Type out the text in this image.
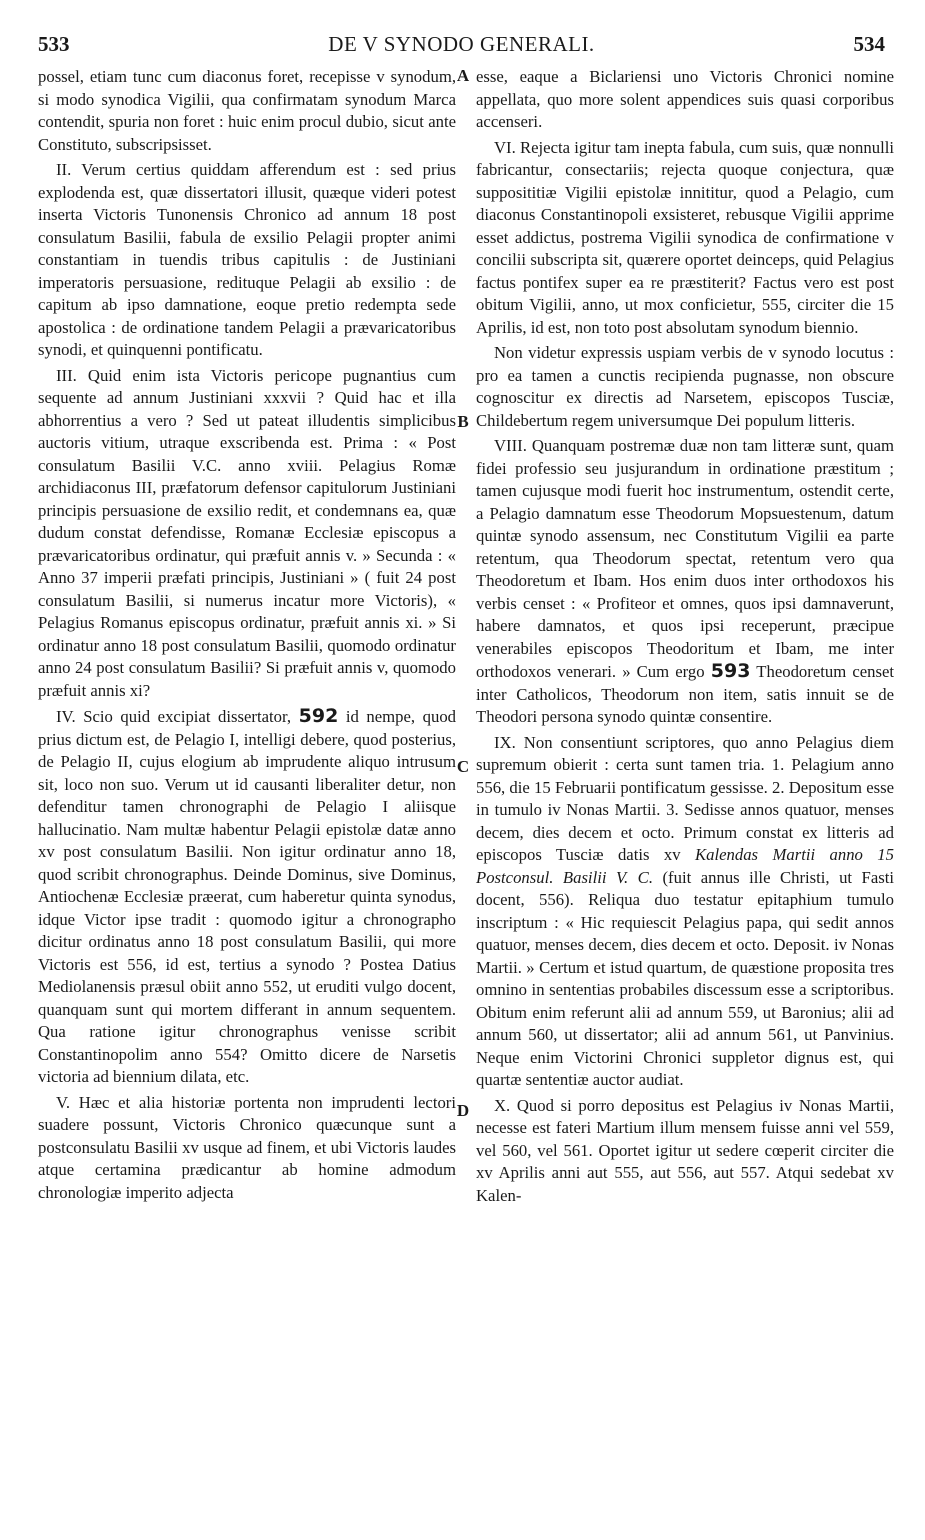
533	DE V SYNODO GENERALI.	534
A
B
C
D

possel, etiam tunc cum diaconus foret, recepisse v synodum, si modo synodica Vigilii, qua confirmatam synodum Marca contendit, spuria non foret : huic enim procul dubio, sicut ante Constituto, subscripsisset.

II. Verum certius quiddam afferendum est : sed prius explodenda est, quæ dissertatori illusit, quæque videri potest inserta Victoris Tunonensis Chronico ad annum 18 post consulatum Basilii, fabula de exsilio Pelagii propter animi constantiam in tuendis tribus capitulis : de Justiniani imperatoris persuasione, redituque Pelagii ab exsilio : de capitum ab ipso damnatione, eoque pretio redempta sede apostolica : de ordinatione tandem Pelagii a prævaricatoribus synodi, et quinquenni pontificatu.

III. Quid enim ista Victoris pericope pugnantius cum sequente ad annum Justiniani xxxvii ? Quid hac et illa abhorrentius a vero ? Sed ut pateat illudentis simplicibus auctoris vitium, utraque exscribenda est. Prima : « Post consulatum Basilii V.C. anno xviii. Pelagius Romæ archidiaconus III, præfatorum defensor capitulorum Justiniani principis persuasione de exsilio redit, et condemnans ea, quæ dudum constat defendisse, Romanæ Ecclesiæ episcopus a prævaricatoribus ordinatur, qui præfuit annis v. » Secunda : « Anno 37 imperii præfati principis, Justiniani » ( fuit 24 post consulatum Basilii, si numerus incatur more Victoris), « Pelagius Romanus episcopus ordinatur, præfuit annis xi. » Si ordinatur anno 18 post consulatum Basilii, quomodo ordinatur anno 24 post consulatum Basilii? Si præfuit annis v, quomodo præfuit annis xi?

IV. Scio quid excipiat dissertator, 592 id nempe, quod prius dictum est, de Pelagio I, intelligi debere, quod posterius, de Pelagio II, cujus elogium ab imprudente aliquo intrusum sit, loco non suo. Verum ut id causanti liberaliter detur, non defenditur tamen chronographi de Pelagio I aliisque hallucinatio. Nam multæ habentur Pelagii epistolæ datæ anno xv post consulatum Basilii. Non igitur ordinatur anno 18, quod scribit chronographus. Deinde Dominus, sive Dominus, Antiochenæ Ecclesiæ præerat, cum haberetur quinta synodus, idque Victor ipse tradit : quomodo igitur a chronographo dicitur ordinatus anno 18 post consulatum Basilii, qui more Victoris est 556, id est, tertius a synodo ? Postea Datius Mediolanensis præsul obiit anno 552, ut eruditi vulgo docent, quanquam sunt qui mortem differant in annum sequentem. Qua ratione igitur chronographus venisse scribit Constantinopolim anno 554? Omitto dicere de Narsetis victoria ad biennium dilata, etc.

V. Hæc et alia historiæ portenta non imprudenti lectori suadere possunt, Victoris Chronico quæcunque sunt a postconsulatu Basilii xv usque ad finem, et ubi Victoris laudes atque certamina prædicantur ab homine admodum chronologiæ imperito adjecta

esse, eaque a Biclariensi uno Victoris Chronici nomine appellata, quo more solent appendices suis quasi corporibus accenseri.

VI. Rejecta igitur tam inepta fabula, cum suis, quæ nonnulli fabricantur, consectariis; rejecta quoque conjectura, quæ supposititiæ Vigilii epistolæ innititur, quod a Pelagio, cum diaconus Constantinopoli exsisteret, rebusque Vigilii apprime esset addictus, postrema Vigilii synodica de confirmatione v concilii subscripta sit, quærere oportet deinceps, quid Pelagius factus pontifex super ea re præstiterit? Factus vero est post obitum Vigilii, anno, ut mox conficietur, 555, circiter die 15 Aprilis, id est, non toto post absolutam synodum biennio.

Non videtur expressis uspiam verbis de v synodo locutus : pro ea tamen a cunctis recipienda pugnasse, non obscure cognoscitur ex directis ad Narsetem, episcopos Tusciæ, Childebertum regem universumque Dei populum litteris.

VIII. Quanquam postremæ duæ non tam litteræ sunt, quam fidei professio seu jusjurandum in ordinatione præstitum ; tamen cujusque modi fuerit hoc instrumentum, ostendit certe, a Pelagio damnatum esse Theodorum Mopsuestenum, datum quintæ synodo assensum, nec Constitutum Vigilii ea parte retentum, qua Theodorum spectat, retentum vero qua Theodoretum et Ibam. Hos enim duos inter orthodoxos his verbis censet : « Profiteor et omnes, quos ipsi damnaverunt, habere damnatos, et quos ipsi receperunt, præcipue venerabiles episcopos Theodoritum et Ibam, me inter orthodoxos venerari. » Cum ergo 593 Theodoretum censet inter Catholicos, Theodorum non item, satis innuit se de Theodori persona synodo quintæ consentire.

IX. Non consentiunt scriptores, quo anno Pelagius diem supremum obierit : certa sunt tamen tria. 1. Pelagium anno 556, die 15 Februarii pontificatum gessisse. 2. Depositum esse in tumulo iv Nonas Martii. 3. Sedisse annos quatuor, menses decem, dies decem et octo. Primum constat ex litteris ad episcopos Tusciæ datis xv Kalendas Martii anno 15 Postconsul. Basilii V. C. (fuit annus ille Christi, ut Fasti docent, 556). Reliqua duo testatur epitaphium tumulo inscriptum : « Hic requiescit Pelagius papa, qui sedit annos quatuor, menses decem, dies decem et octo. Deposit. iv Nonas Martii. » Certum et istud quartum, de quæstione proposita tres omnino in sententias probabiles discessum esse a scriptoribus. Obitum enim referunt alii ad annum 559, ut Baronius; alii ad annum 560, ut dissertator; alii ad annum 561, ut Panvinius. Neque enim Victorini Chronici suppletor dignus est, qui quartæ sententiæ auctor audiat.

X. Quod si porro depositus est Pelagius iv Nonas Martii, necesse est fateri Martium illum mensem fuisse anni vel 559, vel 560, vel 561. Oportet igitur ut sedere cœperit circiter die xv Aprilis anni aut 555, aut 556, aut 557. Atqui sedebat xv Kalen-
